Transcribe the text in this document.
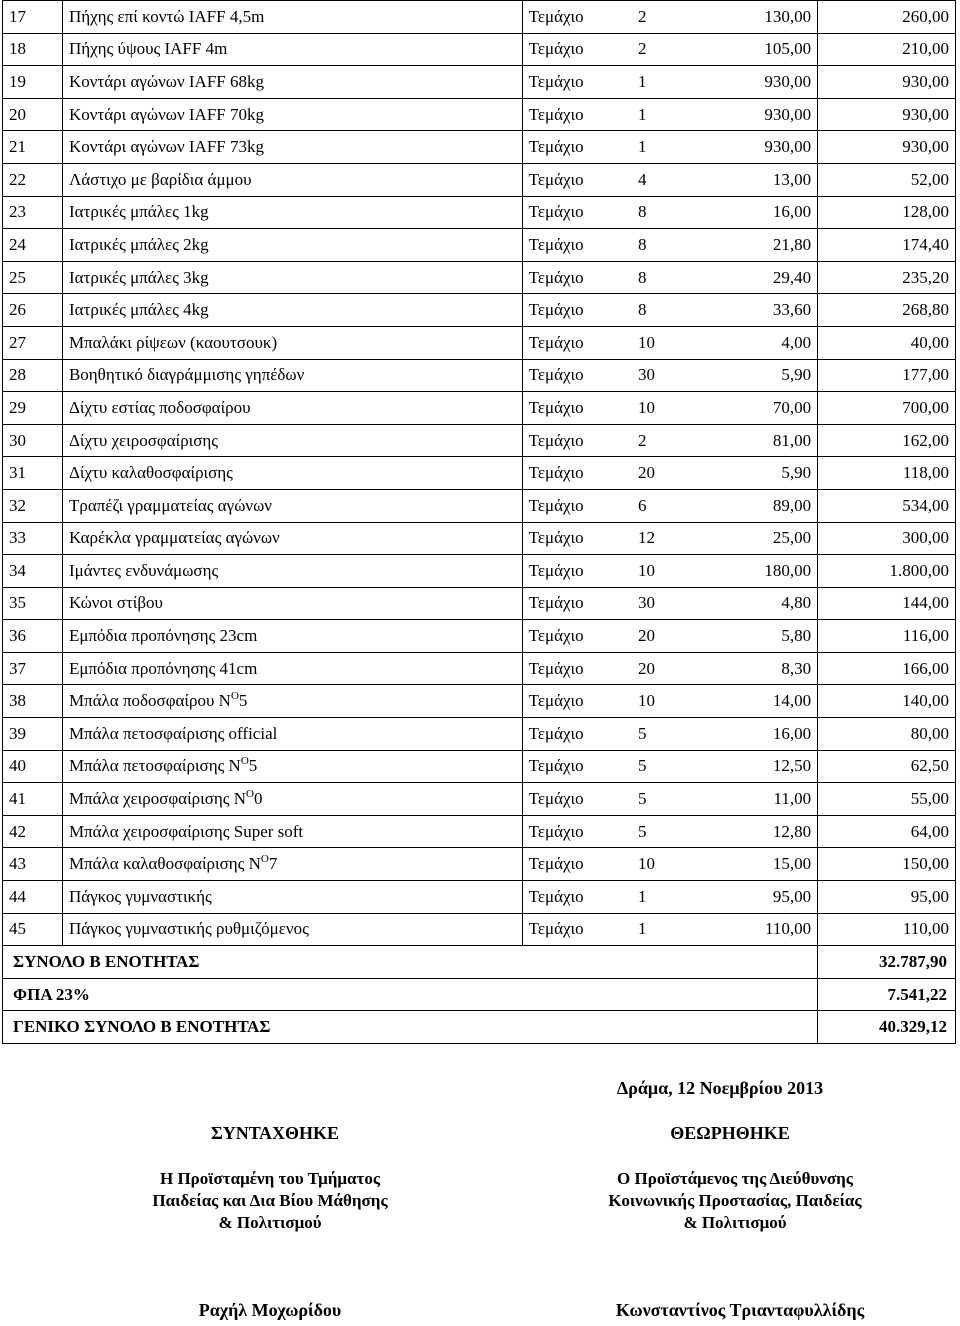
17	Πήχης επί κοντώ IAFF 4,5m	Τεμάχιο	2	130,00	260,00
18	Πήχης ύψους IAFF 4m	Τεμάχιο	2	105,00	210,00
19	Κοντάρι αγώνων IAFF 68kg	Τεμάχιο	1	930,00	930,00
20	Κοντάρι αγώνων IAFF 70kg	Τεμάχιο	1	930,00	930,00
21	Κοντάρι αγώνων IAFF 73kg	Τεμάχιο	1	930,00	930,00
22	Λάστιχο με βαρίδια άμμου	Τεμάχιο	4	13,00	52,00
23	Ιατρικές μπάλες 1kg	Τεμάχιο	8	16,00	128,00
24	Ιατρικές μπάλες 2kg	Τεμάχιο	8	21,80	174,40
25	Ιατρικές μπάλες 3kg	Τεμάχιο	8	29,40	235,20
26	Ιατρικές μπάλες 4kg	Τεμάχιο	8	33,60	268,80
27	Μπαλάκι ρίψεων (καουτσουκ)	Τεμάχιο	10	4,00	40,00
28	Βοηθητικό διαγράμμισης γηπέδων	Τεμάχιο	30	5,90	177,00
29	Δίχτυ εστίας ποδοσφαίρου	Τεμάχιο	10	70,00	700,00
30	Δίχτυ χειροσφαίρισης	Τεμάχιο	2	81,00	162,00
31	Δίχτυ καλαθοσφαίρισης	Τεμάχιο	20	5,90	118,00
32	Τραπέζι γραμματείας αγώνων	Τεμάχιο	6	89,00	534,00
33	Καρέκλα γραμματείας αγώνων	Τεμάχιο	12	25,00	300,00
34	Ιμάντες ενδυνάμωσης	Τεμάχιο	10	180,00	1.800,00
35	Κώνοι στίβου	Τεμάχιο	30	4,80	144,00
36	Εμπόδια προπόνησης 23cm	Τεμάχιο	20	5,80	116,00
37	Εμπόδια προπόνησης 41cm	Τεμάχιο	20	8,30	166,00
38	Μπάλα ποδοσφαίρου $N^O5$	Τεμάχιο	10	14,00	140,00
39	Μπάλα πετοσφαίρισης official	Τεμάχιο	5	16,00	80,00
40	Μπάλα πετοσφαίρισης $N^O5$	Τεμάχιο	5	12,50	62,50
41	Μπάλα χειροσφαίρισης $N^O0$	Τεμάχιο	5	11,00	55,00
42	Μπάλα χειροσφαίρισης Super soft	Τεμάχιο	5	12,80	64,00
43	Μπάλα καλαθοσφαίρισης $N^O7$	Τεμάχιο	10	15,00	150,00
44	Πάγκος γυμναστικής	Τεμάχιο	1	95,00	95,00
45	Πάγκος γυμναστικής ρυθμιζόμενος	Τεμάχιο	1	110,00	110,00
ΣΥΝΟΛΟ Β ΕΝΟΤΗΤΑΣ					32.787,90
ΦΠΑ 23%					7.541,22
ΓΕΝΙΚΟ ΣΥΝΟΛΟ Β ΕΝΟΤΗΤΑΣ					40.329,12
Δράμα, 12 Νοεμβρίου 2013
ΣΥΝΤΑΧΘΗΚΕ	ΘΕΩΡΗΘΗΚΕ
Η Προϊσταμένη του Τμήματος
Παιδείας και Δια Βίου Μάθησης
& Πολιτισμού
Ο Προϊστάμενος της Διεύθυνσης
Κοινωνικής Προστασίας, Παιδείας
& Πολιτισμού
Ραχήλ Μοχωρίδου	Κωνσταντίνος Τριανταφυλλίδης
